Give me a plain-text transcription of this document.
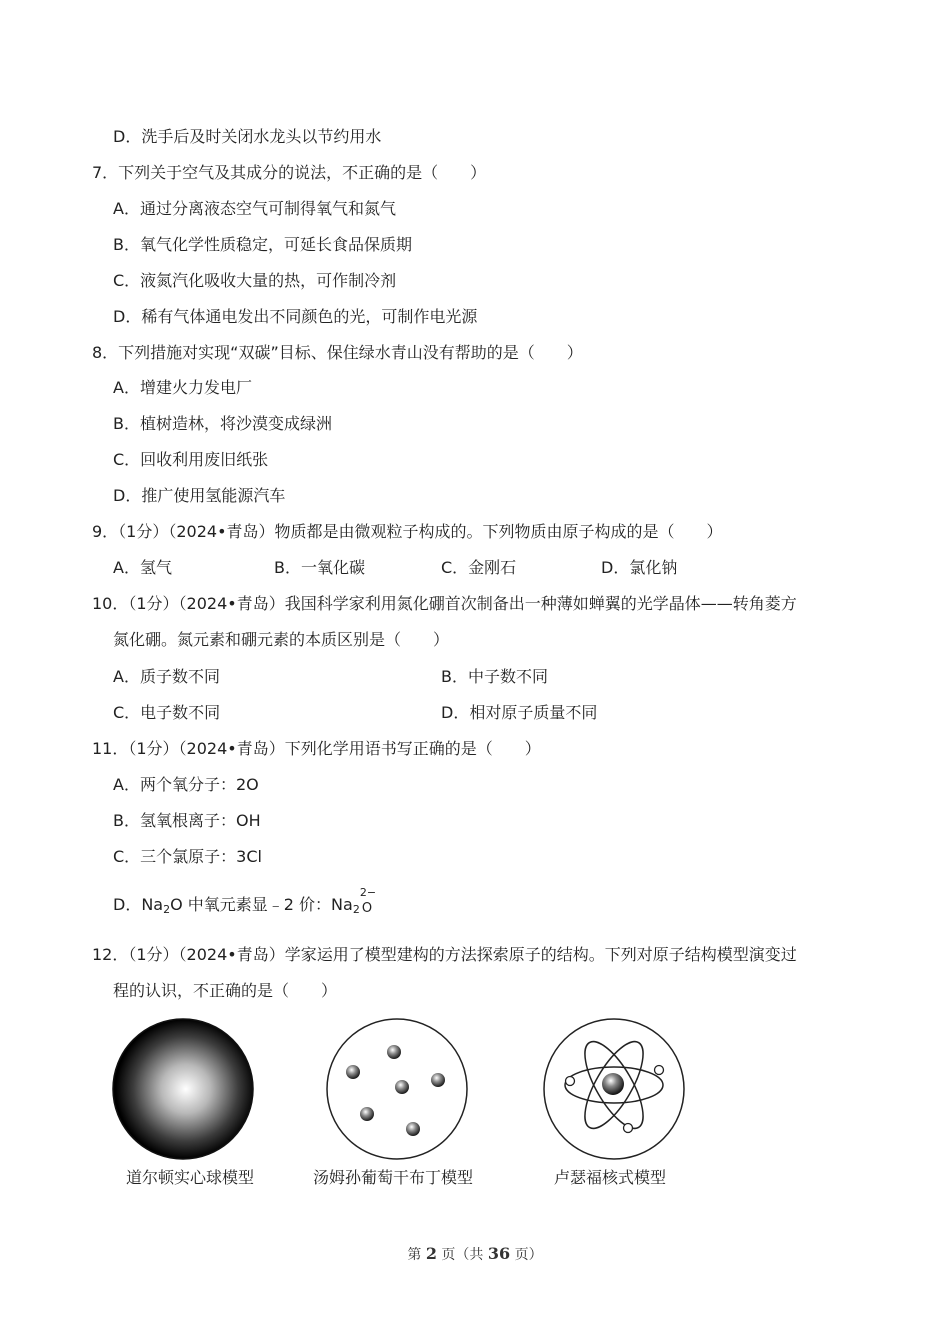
D．洗手后及时关闭水龙头以节约用水
7．下列关于空气及其成分的说法，不正确的是（　　）
A．通过分离液态空气可制得氧气和氮气
B．氧气化学性质稳定，可延长食品保质期
C．液氮汽化吸收大量的热，可作制冷剂
D．稀有气体通电发出不同颜色的光，可制作电光源
8．下列措施对实现“双碳”目标、保住绿水青山没有帮助的是（　　）
A．增建火力发电厂
B．植树造林，将沙漠变成绿洲
C．回收利用废旧纸张
D．推广使用氢能源汽车
9．（1分）（2024•青岛）物质都是由微观粒子构成的。下列物质由原子构成的是（　　）
A．氢气	B．一氧化碳	C．金刚石	D．氯化钠
10．（1分）（2024•青岛）我国科学家利用氮化硼首次制备出一种薄如蝉翼的光学晶体——转角菱方
氮化硼。氮元素和硼元素的本质区别是（　　）
A．质子数不同	B．中子数不同
C．电子数不同	D．相对原子质量不同
11．（1分）（2024•青岛）下列化学用语书写正确的是（　　）
A．两个氧分子：2O
B．氢氧根离子：OH
C．三个氯原子：3Cl
D．$Na_2O$ 中氧元素显﹣2 价：$Na_2$
2−
O
12．（1分）（2024•青岛）学家运用了模型建构的方法探索原子的结构。下列对原子结构模型演变过
程的认识，不正确的是（　　）
道尔顿实心球模型	汤姆孙葡萄干布丁模型	卢瑟福核式模型
第 2 页（共 36 页）
